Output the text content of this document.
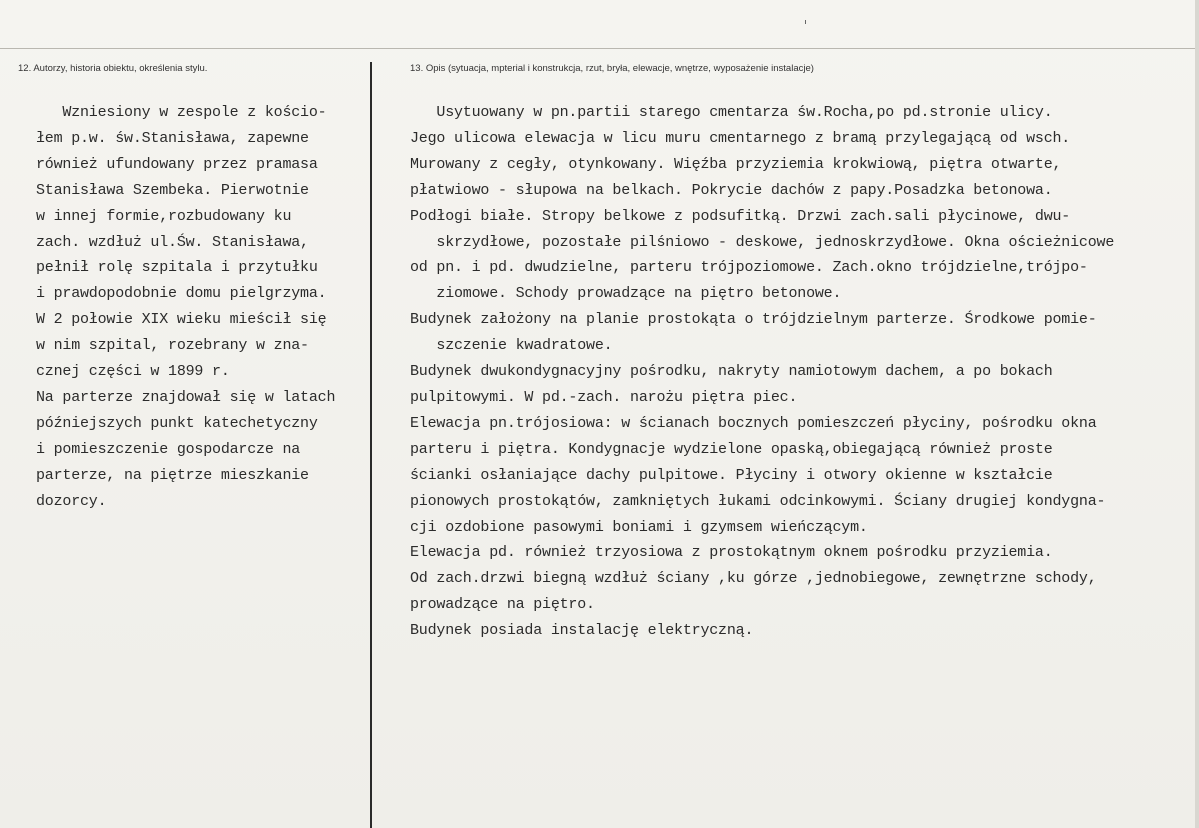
12. Autorzy, historia obiektu, określenia stylu.	13. Opis (sytuacja, mpterial i konstrukcja, rzut, bryła, elewacje, wnętrze, wyposażenie instalacje)
Wzniesiony w zespole z kościo-
łem p.w. św.Stanisława, zapewne
również ufundowany przez pramasa
Stanisława Szembeka. Pierwotnie
w innej formie,rozbudowany ku
zach. wzdłuż ul.Św. Stanisława,
pełnił rolę szpitala i przytułku
i prawdopodobnie domu pielgrzyma.
W 2 połowie XIX wieku mieścił się
w nim szpital, rozebrany w zna-
cznej części w 1899 r.
Na parterze znajdował się w latach
późniejszych punkt katechetyczny
i pomieszczenie gospodarcze na
parterze, na piętrze mieszkanie
dozorcy.
Usytuowany w pn.partii starego cmentarza św.Rocha,po pd.stronie ulicy.
Jego ulicowa elewacja w licu muru cmentarnego z bramą przylegającą od wsch.
Murowany z cegły, otynkowany. Więźba przyziemia krokwiową, piętra otwarte,
płatwiowo - słupowa na belkach. Pokrycie dachów z papy.Posadzka betonowa.
Podłogi białe. Stropy belkowe z podsufitką. Drzwi zach.sali płycinowe, dwu-
skrzydłowe, pozostałe pilśniowo - deskowe, jednoskrzydłowe. Okna ościeżnicowe
od pn. i pd. dwudzielne, parteru trójpoziomowe. Zach.okno trójdzielne,trójpo-
ziomowe. Schody prowadzące na piętro betonowe.
Budynek założony na planie prostokąta o trójdzielnym parterze. Środkowe pomie-
szczenie kwadratowe.
Budynek dwukondygnacyjny pośrodku, nakryty namiotowym dachem, a po bokach
pulpitowymi. W pd.-zach. narożu piętra piec.
Elewacja pn.trójosiowa: w ścianach bocznych pomieszczeń płyciny, pośrodku okna
parteru i piętra. Kondygnacje wydzielone opaską,obiegającą również proste
ścianki osłaniające dachy pulpitowe. Płyciny i otwory okienne w kształcie
pionowych prostokątów, zamkniętych łukami odcinkowymi. Ściany drugiej kondygna-
cji ozdobione pasowymi boniami i gzymsem wieńczącym.
Elewacja pd. również trzyosiowa z prostokątnym oknem pośrodku przyziemia.
Od zach.drzwi biegną wzdłuż ściany ,ku górze ,jednobiegowe, zewnętrzne schody,
prowadzące na piętro.
Budynek posiada instalację elektryczną.
